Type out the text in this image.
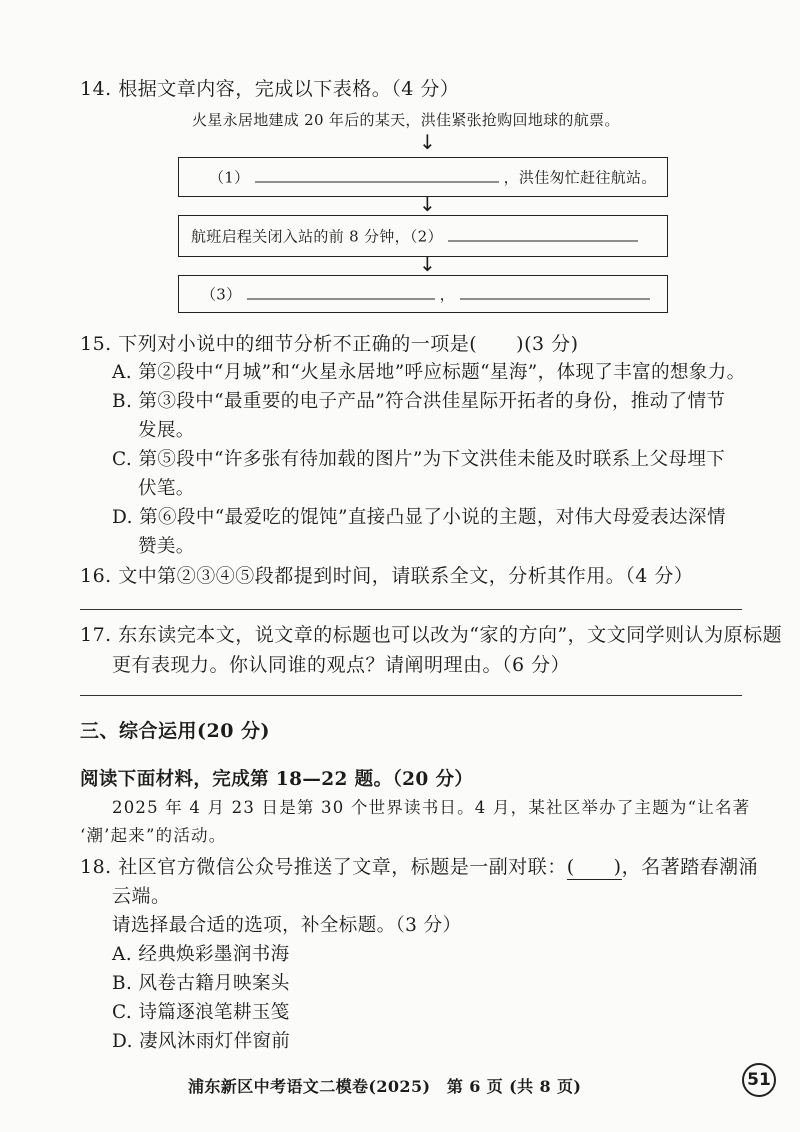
14. 根据文章内容，完成以下表格。（4 分）
火星永居地建成 20 年后的某天，洪佳紧张抢购回地球的航票。
↓
（1）	，洪佳匆忙赶往航站。
↓
航班启程关闭入站的前 8 分钟，（2）
↓
（3）	，
15. 下列对小说中的细节分析不正确的一项是(　　)(3 分)
A. 第②段中“月城”和“火星永居地”呼应标题“星海”，体现了丰富的想象力。
B. 第③段中“最重要的电子产品”符合洪佳星际开拓者的身份，推动了情节
发展。
C. 第⑤段中“许多张有待加载的图片”为下文洪佳未能及时联系上父母埋下
伏笔。
D. 第⑥段中“最爱吃的馄饨”直接凸显了小说的主题，对伟大母爱表达深情
赞美。
16. 文中第②③④⑤段都提到时间，请联系全文，分析其作用。（4 分）
17. 东东读完本文，说文章的标题也可以改为“家的方向”，文文同学则认为原标题
更有表现力。你认同谁的观点？请阐明理由。（6 分）
三、综合运用(20 分)
阅读下面材料，完成第 18—22 题。（20 分）
2025 年 4 月 23 日是第 30 个世界读书日。4 月，某社区举办了主题为“让名著
‘潮’起来”的活动。
18. 社区官方微信公众号推送了文章，标题是一副对联：(　　)，名著踏春潮涌
云端。
请选择最合适的选项，补全标题。（3 分）
A. 经典焕彩墨润书海
B. 风卷古籍月映案头
C. 诗篇逐浪笔耕玉笺
D. 凄风沐雨灯伴窗前
浦东新区中考语文二模卷(2025)　第 6 页 (共 8 页)	51
